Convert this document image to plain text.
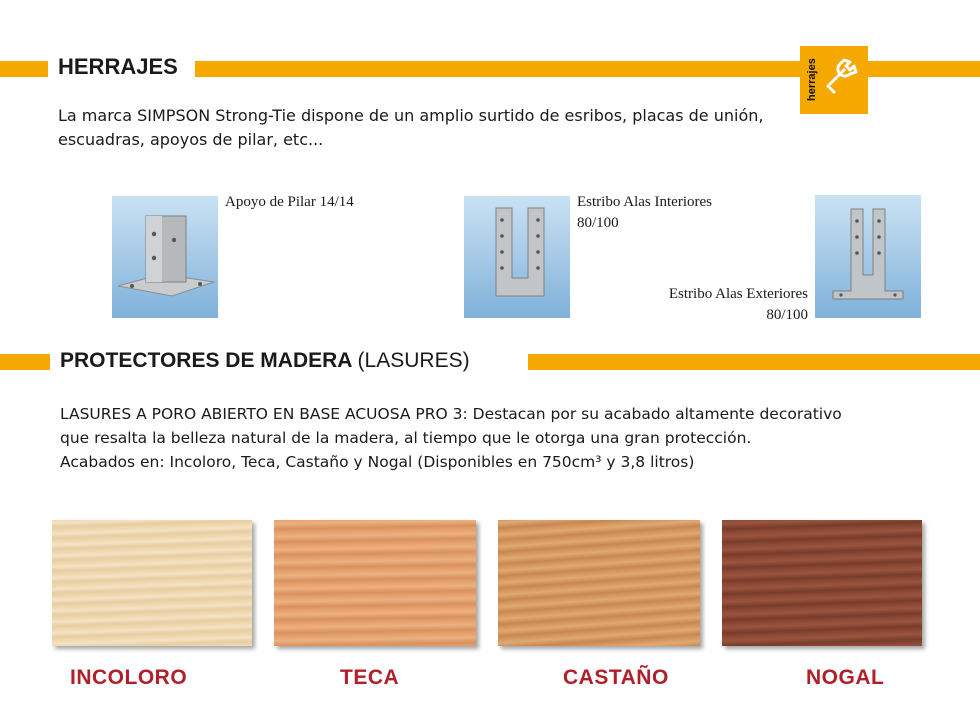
HERRAJES	herrajes

La marca SIMPSON Strong-Tie dispone de un amplio surtido de esribos, placas de unión,

escuadras, apoyos de pilar, etc...

Apoyo de Pilar 14/14	Estribo Alas Interiores
80/100
Estribo Alas Exteriores
80/100
PROTECTORES DE MADERA (LASURES)

LASURES A PORO ABIERTO EN BASE ACUOSA PRO 3: Destacan por su acabado altamente decorativo

que resalta la belleza natural de la madera, al tiempo que le otorga una gran protección.

Acabados en: Incoloro, Teca, Castaño y Nogal (Disponibles en 750cm³ y 3,8 litros)

INCOLORO	TECA	CASTAÑO	NOGAL
